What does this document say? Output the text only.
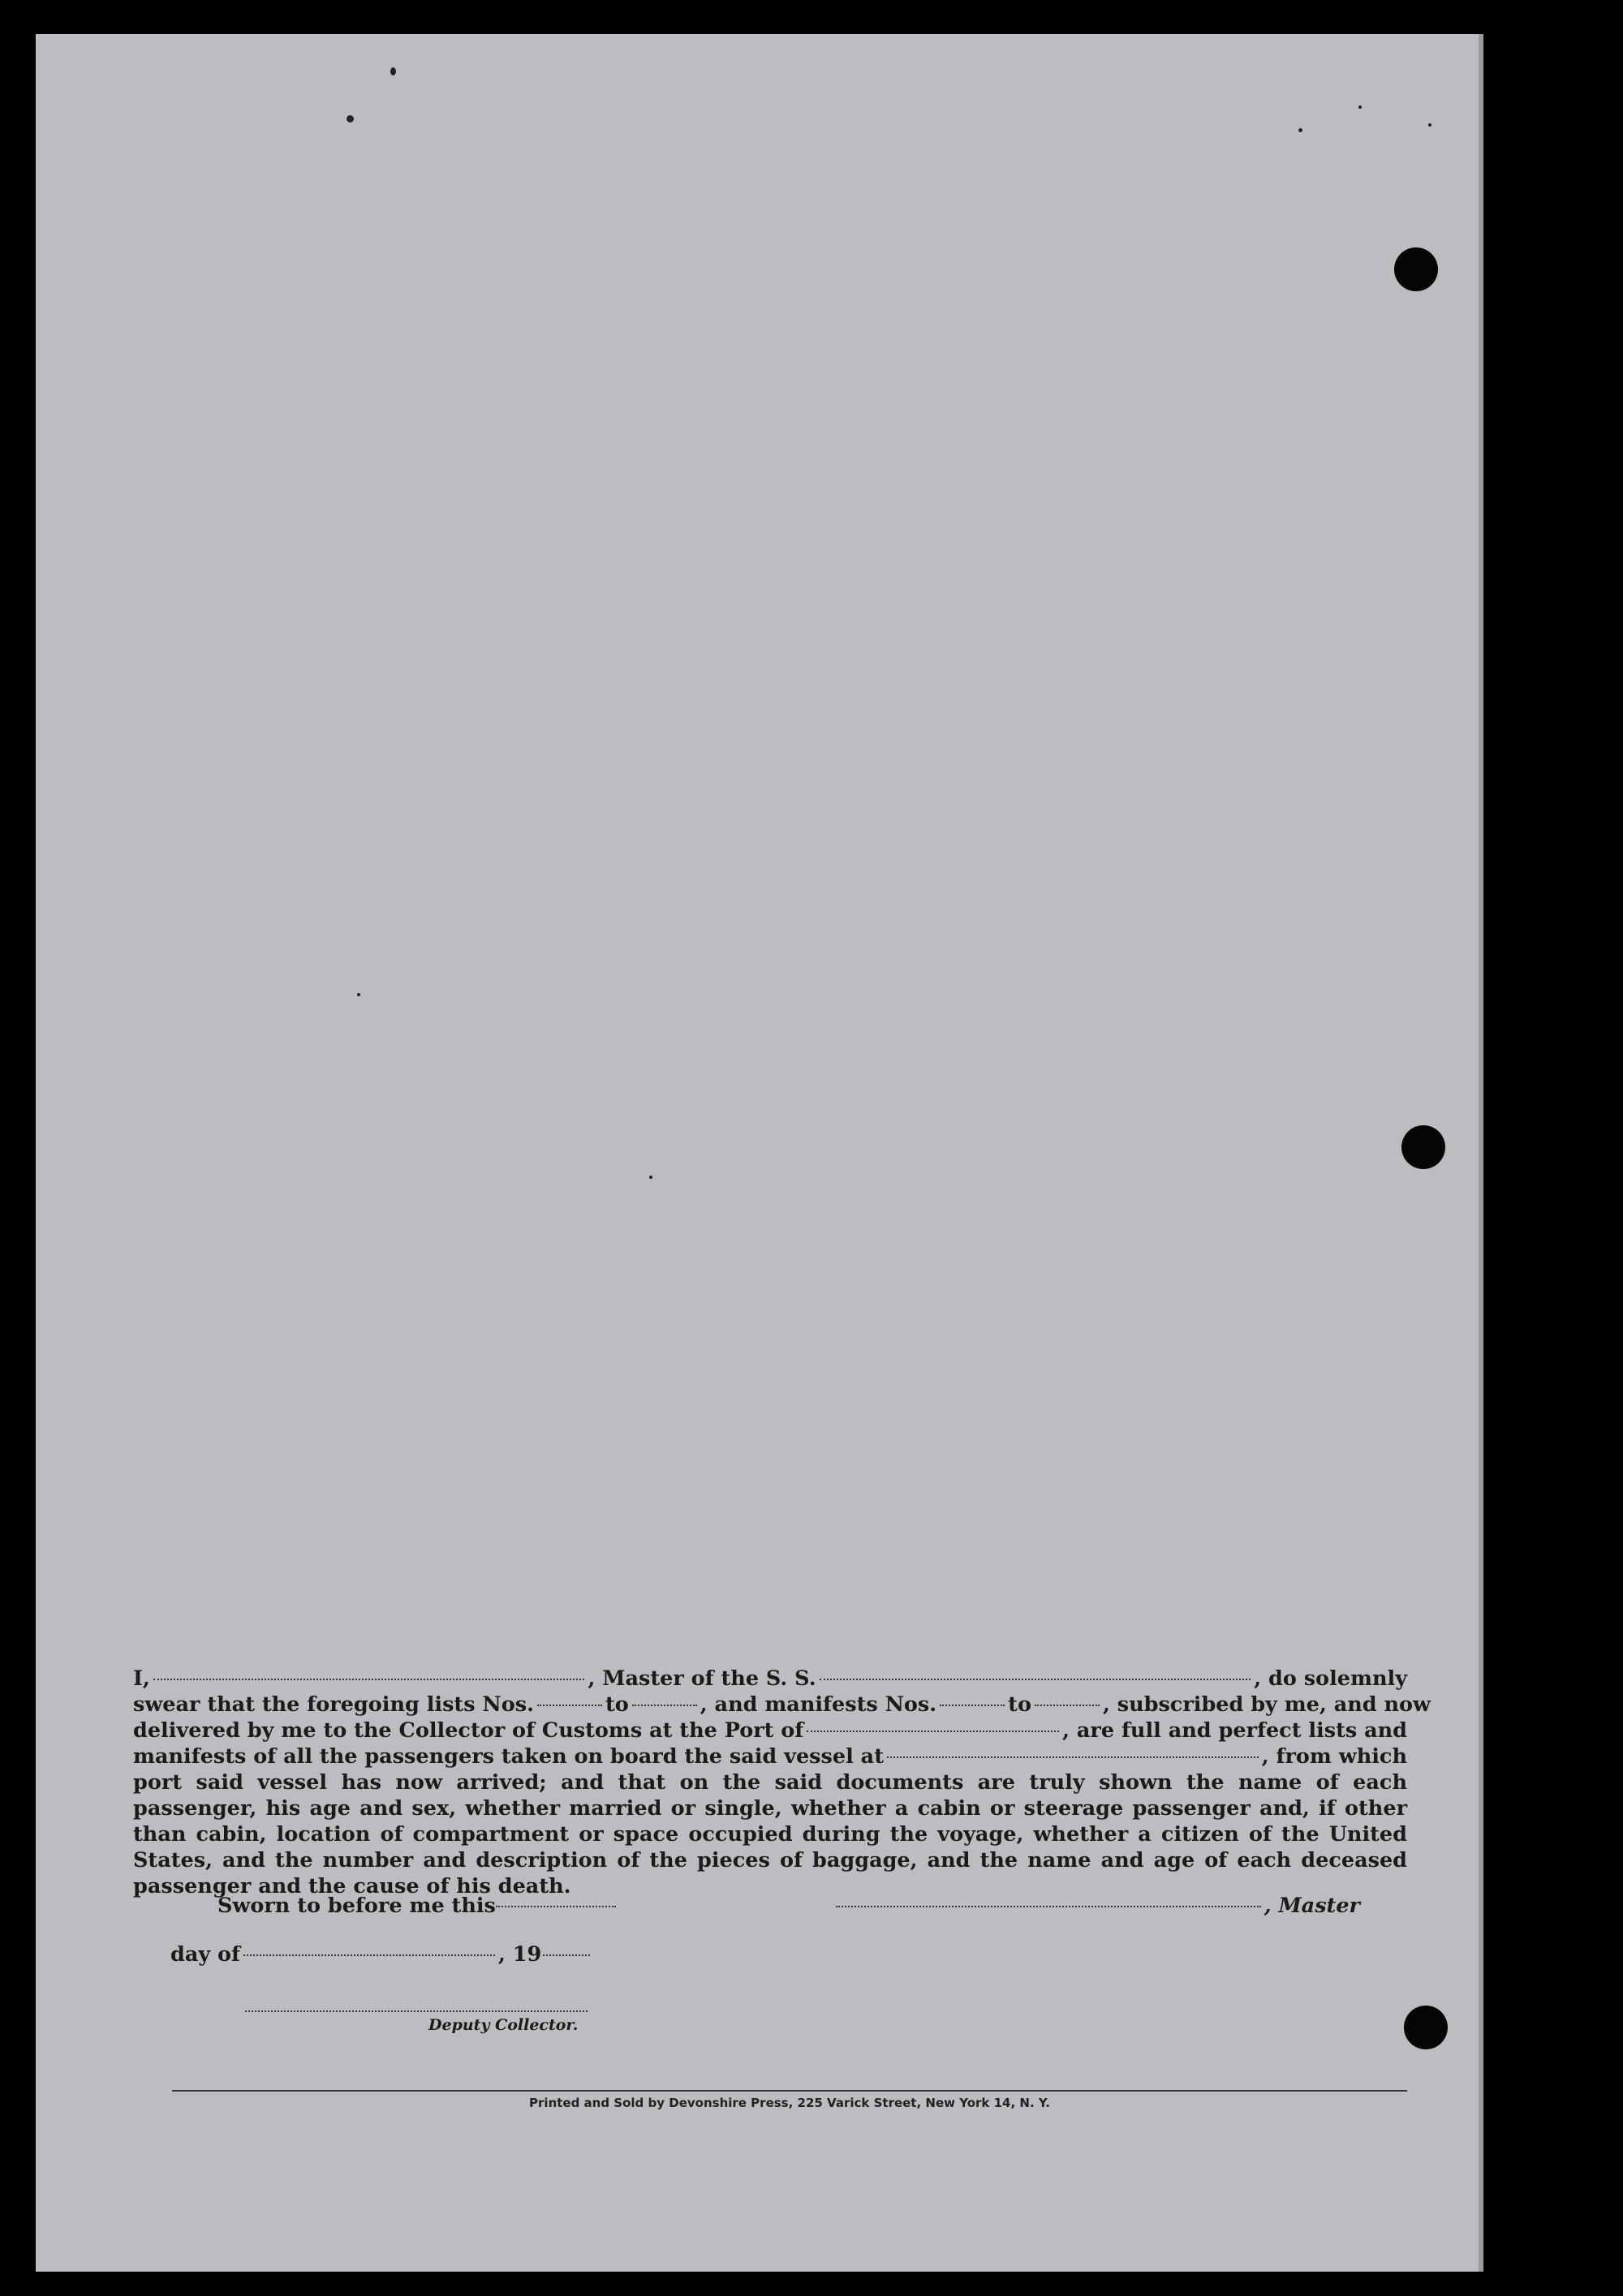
I,	, Master of the S. S.	, do solemnly
swear that the foregoing lists Nos.	to	, and manifests Nos.	to	, subscribed by me, and now
delivered by me to the Collector of Customs at the Port of	, are full and perfect lists and
manifests of all the passengers taken on board the said vessel at	, from which
port said vessel has now arrived; and that on the said documents are truly shown the name of each passenger, his age and sex, whether married or single, whether a cabin or steerage passenger and, if other than cabin, location of compartment or space occupied during the voyage, whether a citizen of the United States, and the number and description of the pieces of baggage, and the name and age of each deceased passenger and the cause of his death.
Sworn to before me this	, Master
day of	, 19
Deputy Collector.
Printed and Sold by Devonshire Press, 225 Varick Street, New York 14, N. Y.
